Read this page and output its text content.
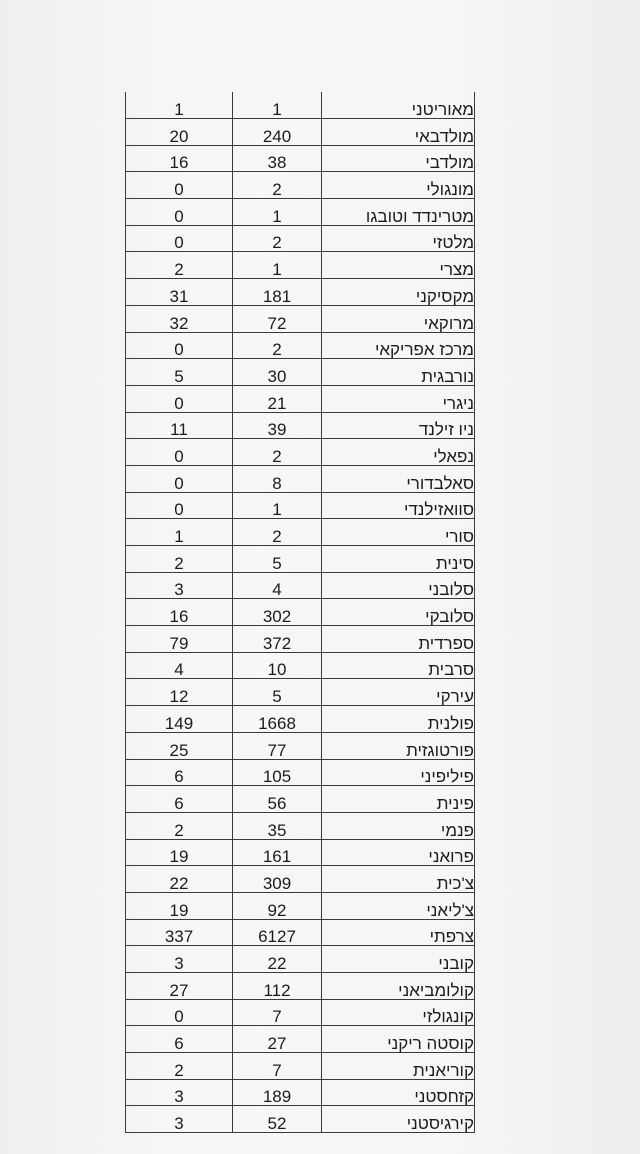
1	1	מאוריטני
20	240	מולדבאי
16	38	מולדבי
0	2	מונגולי
0	1	מטרינדד וטובגו
0	2	מלטזי
2	1	מצרי
31	181	מקסיקני
32	72	מרוקאי
0	2	מרכז אפריקאי
5	30	נורבגית
0	21	ניגרי
11	39	ניו זילנד
0	2	נפאלי
0	8	סאלבדורי
0	1	סוואזילנדי
1	2	סורי
2	5	סינית
3	4	סלובני
16	302	סלובקי
79	372	ספרדית
4	10	סרבית
12	5	עירקי
149	1668	פולנית
25	77	פורטוגזית
6	105	פיליפיני
6	56	פינית
2	35	פנמי
19	161	פרואני
22	309	צ'כית
19	92	צ'ליאני
337	6127	צרפתי
3	22	קובני
27	112	קולומביאני
0	7	קונגולזי
6	27	קוסטה ריקני
2	7	קוריאנית
3	189	קזחסטני
3	52	קירגיסטני
